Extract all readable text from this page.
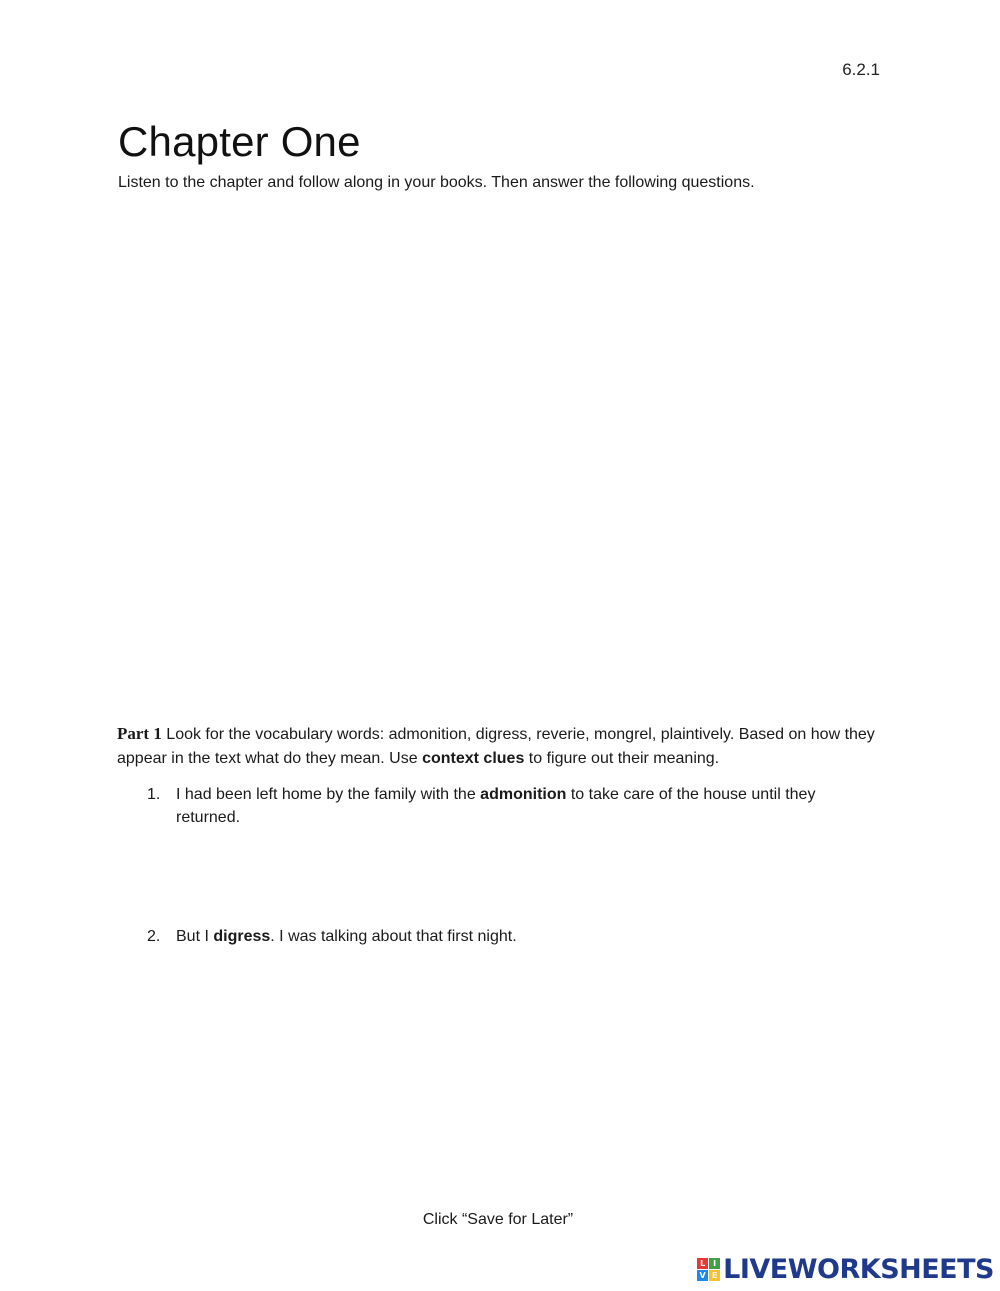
6.2.1
Chapter One
Listen to the chapter and follow along in your books. Then answer the following questions.
Part 1 Look for the vocabulary words: admonition, digress, reverie, mongrel, plaintively. Based on how they appear in the text what do they mean. Use context clues to figure out their meaning.
1. I had been left home by the family with the admonition to take care of the house until they returned.
2. But I digress. I was talking about that first night.
Click “Save for Later”
L I
V E LIVEWORKSHEETS
